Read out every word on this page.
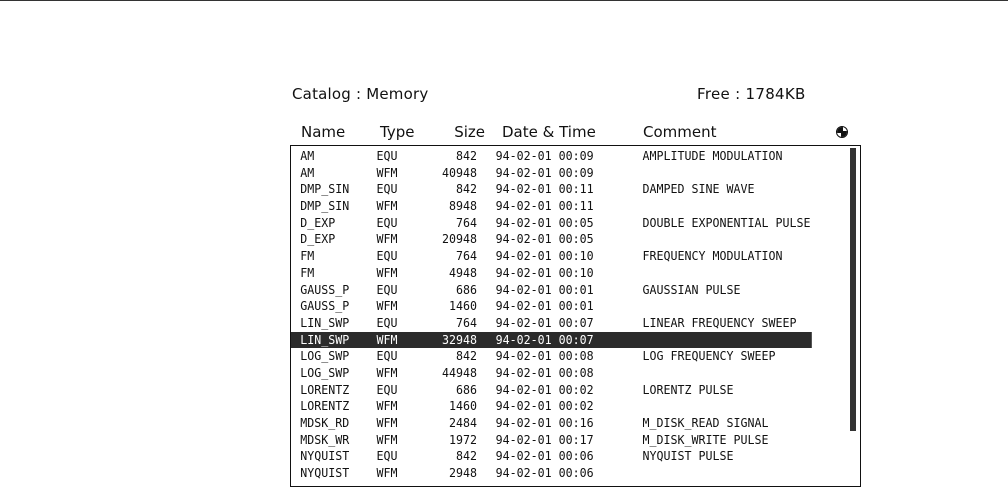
Catalog : Memory	Free : 1784KB
Name Type	Size Date & Time	Comment
AM	EQU	842 94-02-01 00:09	AMPLITUDE MODULATION
AM	WFM	40948 94-02-01 00:09
DMP_SIN EQU	842 94-02-01 00:11	DAMPED SINE WAVE
DMP_SIN WFM	8948 94-02-01 00:11
D_EXP	EQU	764 94-02-01 00:05	DOUBLE EXPONENTIAL PULSE
D_EXP	WFM	20948 94-02-01 00:05
FM	EQU	764 94-02-01 00:10	FREQUENCY MODULATION
FM	WFM	4948 94-02-01 00:10
GAUSS_P EQU	686 94-02-01 00:01	GAUSSIAN PULSE
GAUSS_P WFM	1460 94-02-01 00:01
LIN_SWP EQU	764 94-02-01 00:07	LINEAR FREQUENCY SWEEP
LIN_SWP WFM	32948 94-02-01 00:07
LOG_SWP EQU	842 94-02-01 00:08	LOG FREQUENCY SWEEP
LOG_SWP WFM	44948 94-02-01 00:08
LORENTZ EQU	686 94-02-01 00:02	LORENTZ PULSE
LORENTZ WFM	1460 94-02-01 00:02
MDSK_RD WFM	2484 94-02-01 00:16	M_DISK_READ SIGNAL
MDSK_WR WFM	1972 94-02-01 00:17	M_DISK_WRITE PULSE
NYQUIST EQU	842 94-02-01 00:06	NYQUIST PULSE
NYQUIST WFM	2948 94-02-01 00:06
